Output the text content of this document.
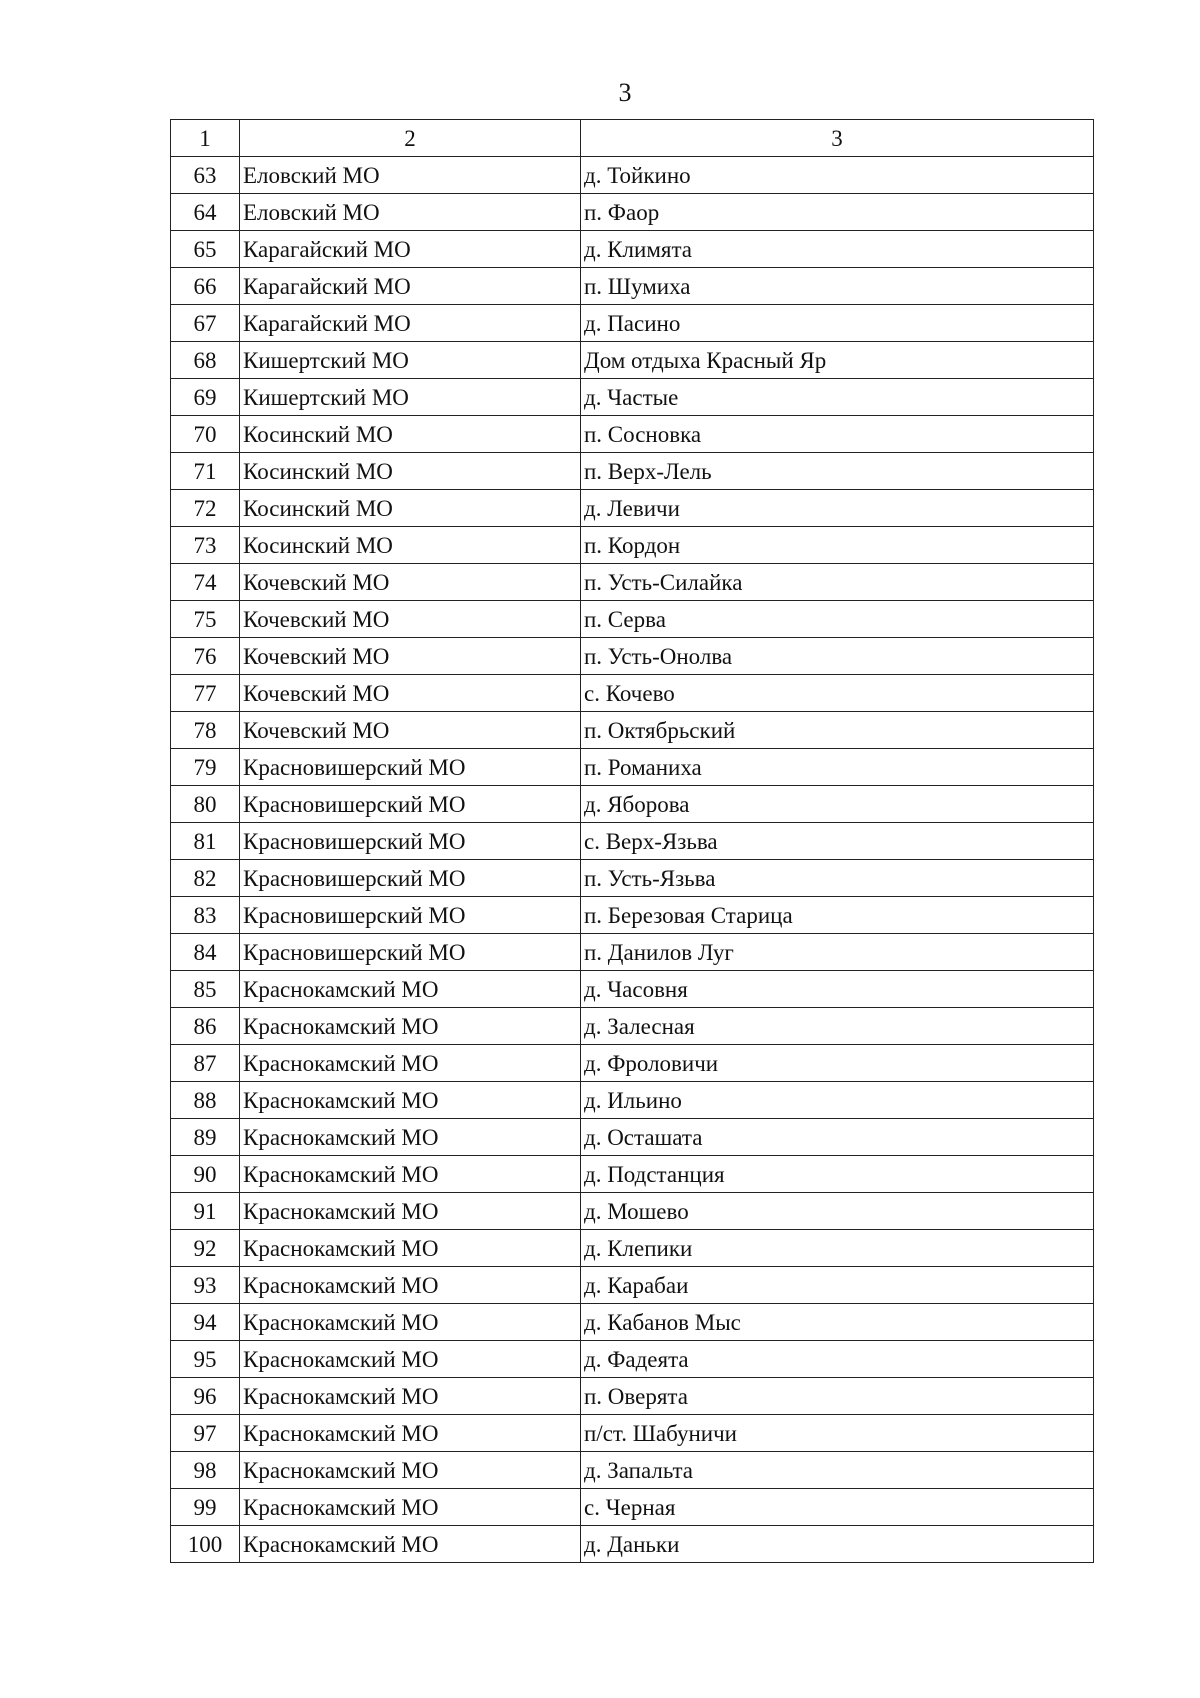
3
1	2	3
63	Еловский МО	д. Тойкино
64	Еловский МО	п. Фаор
65	Карагайский МО	д. Климята
66	Карагайский МО	п. Шумиха
67	Карагайский МО	д. Пасино
68	Кишертский МО	Дом отдыха Красный Яр
69	Кишертский МО	д. Частые
70	Косинский МО	п. Сосновка
71	Косинский МО	п. Верх-Лель
72	Косинский МО	д. Левичи
73	Косинский МО	п. Кордон
74	Кочевский МО	п. Усть-Силайка
75	Кочевский МО	п. Серва
76	Кочевский МО	п. Усть-Онолва
77	Кочевский МО	с. Кочево
78	Кочевский МО	п. Октябрьский
79	Красновишерский МО	п. Романиха
80	Красновишерский МО	д. Яборова
81	Красновишерский МО	с. Верх-Язьва
82	Красновишерский МО	п. Усть-Язьва
83	Красновишерский МО	п. Березовая Старица
84	Красновишерский МО	п. Данилов Луг
85	Краснокамский МО	д. Часовня
86	Краснокамский МО	д. Залесная
87	Краснокамский МО	д. Фроловичи
88	Краснокамский МО	д. Ильино
89	Краснокамский МО	д. Осташата
90	Краснокамский МО	д. Подстанция
91	Краснокамский МО	д. Мошево
92	Краснокамский МО	д. Клепики
93	Краснокамский МО	д. Карабаи
94	Краснокамский МО	д. Кабанов Мыс
95	Краснокамский МО	д. Фадеята
96	Краснокамский МО	п. Оверята
97	Краснокамский МО	п/ст. Шабуничи
98	Краснокамский МО	д. Запальта
99	Краснокамский МО	с. Черная
100	Краснокамский МО	д. Даньки
